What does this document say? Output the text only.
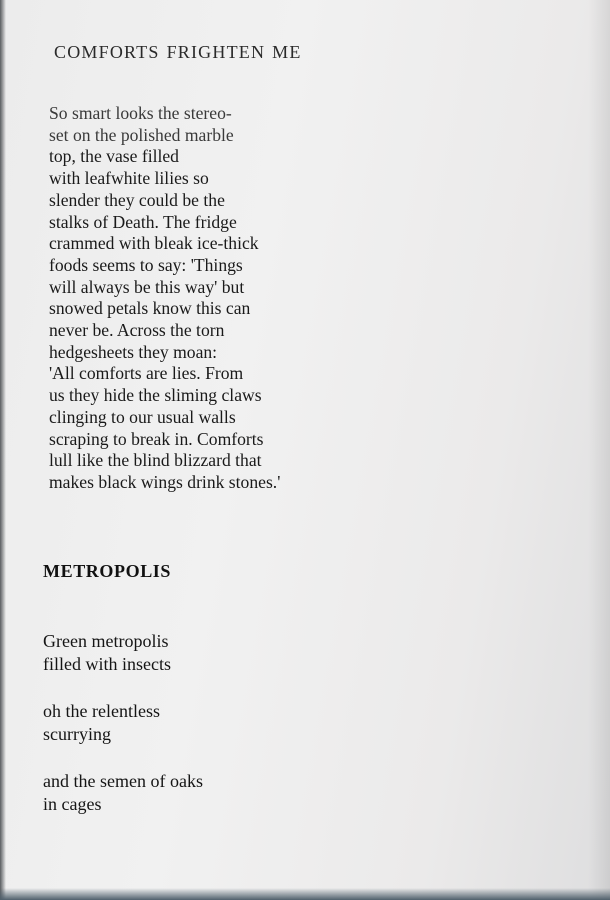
COMFORTS FRIGHTEN ME
So smart looks the stereo-
set on the polished marble
top, the vase filled
with leafwhite lilies so
slender they could be the
stalks of Death. The fridge
crammed with bleak ice-thick
foods seems to say: 'Things
will always be this way' but
snowed petals know this can
never be. Across the torn
hedgesheets they moan:
'All comforts are lies. From
us they hide the sliming claws
clinging to our usual walls
scraping to break in. Comforts
lull like the blind blizzard that
makes black wings drink stones.'
METROPOLIS
Green metropolis
filled with insects
oh the relentless
scurrying
and the semen of oaks
in cages
